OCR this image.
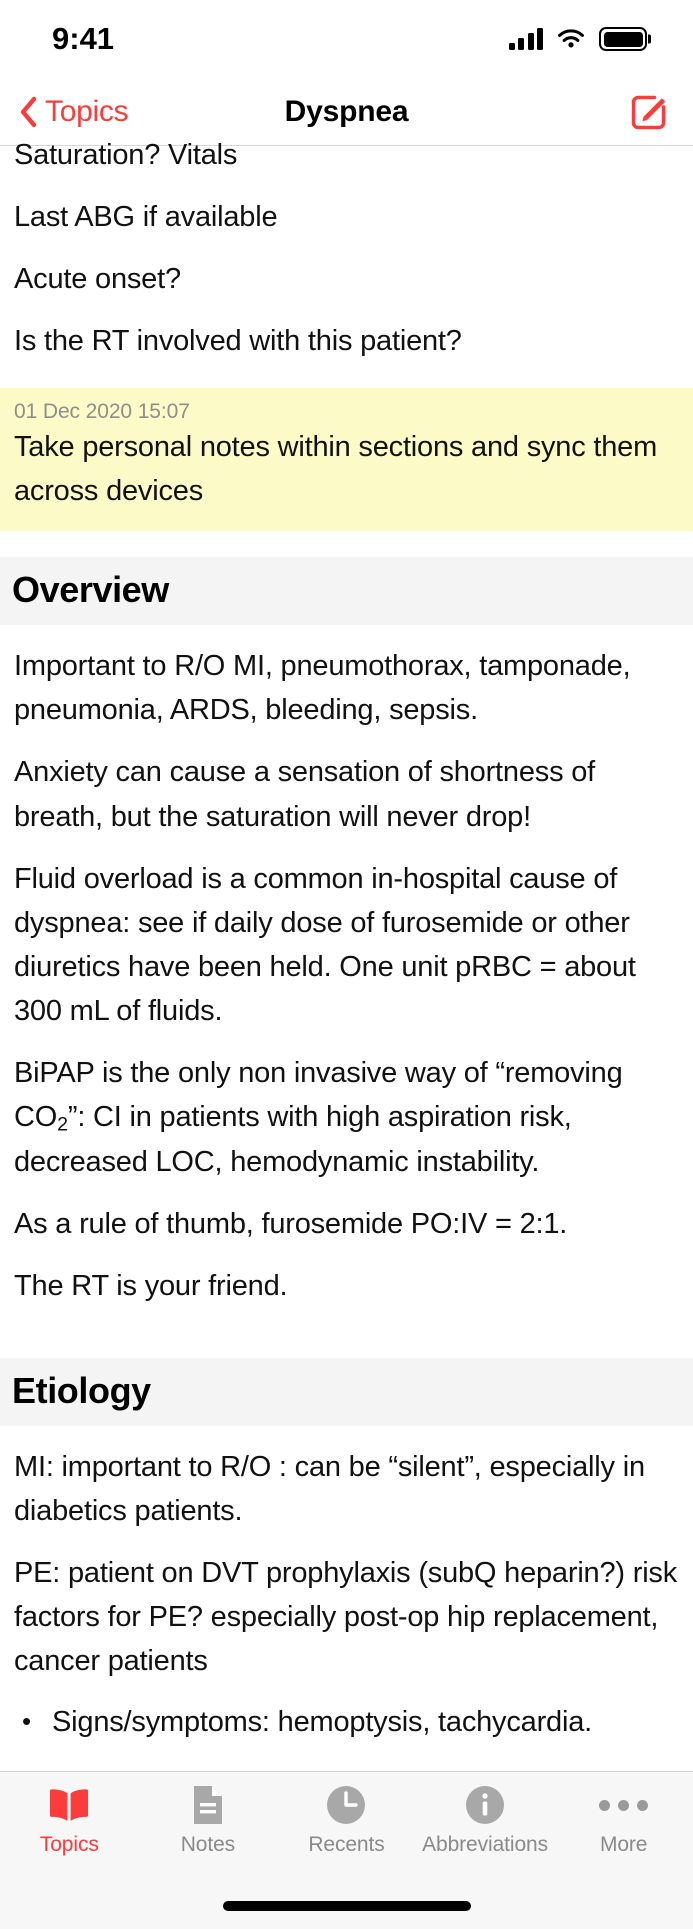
9:41
Topics	Dyspnea
Saturation? Vitals
Last ABG if available
Acute onset?
Is the RT involved with this patient?
01 Dec 2020 15:07
Take personal notes within sections and sync them across devices
Overview
Important to R/O MI, pneumothorax, tamponade, pneumonia, ARDS, bleeding, sepsis.
Anxiety can cause a sensation of shortness of breath, but the saturation will never drop!
Fluid overload is a common in-hospital cause of dyspnea: see if daily dose of furosemide or other diuretics have been held. One unit pRBC = about 300 mL of fluids.
BiPAP is the only non invasive way of “removing $CO_2$”: CI in patients with high aspiration risk, decreased LOC, hemodynamic instability.
As a rule of thumb, furosemide PO:IV = 2:1.
The RT is your friend.
Etiology
MI: important to R/O : can be “silent”, especially in diabetics patients.
PE: patient on DVT prophylaxis (subQ heparin?) risk factors for PE? especially post-op hip replacement, cancer patients
• Signs/symptoms: hemoptysis, tachycardia.
Topics	Notes	Recents Abbreviations More
